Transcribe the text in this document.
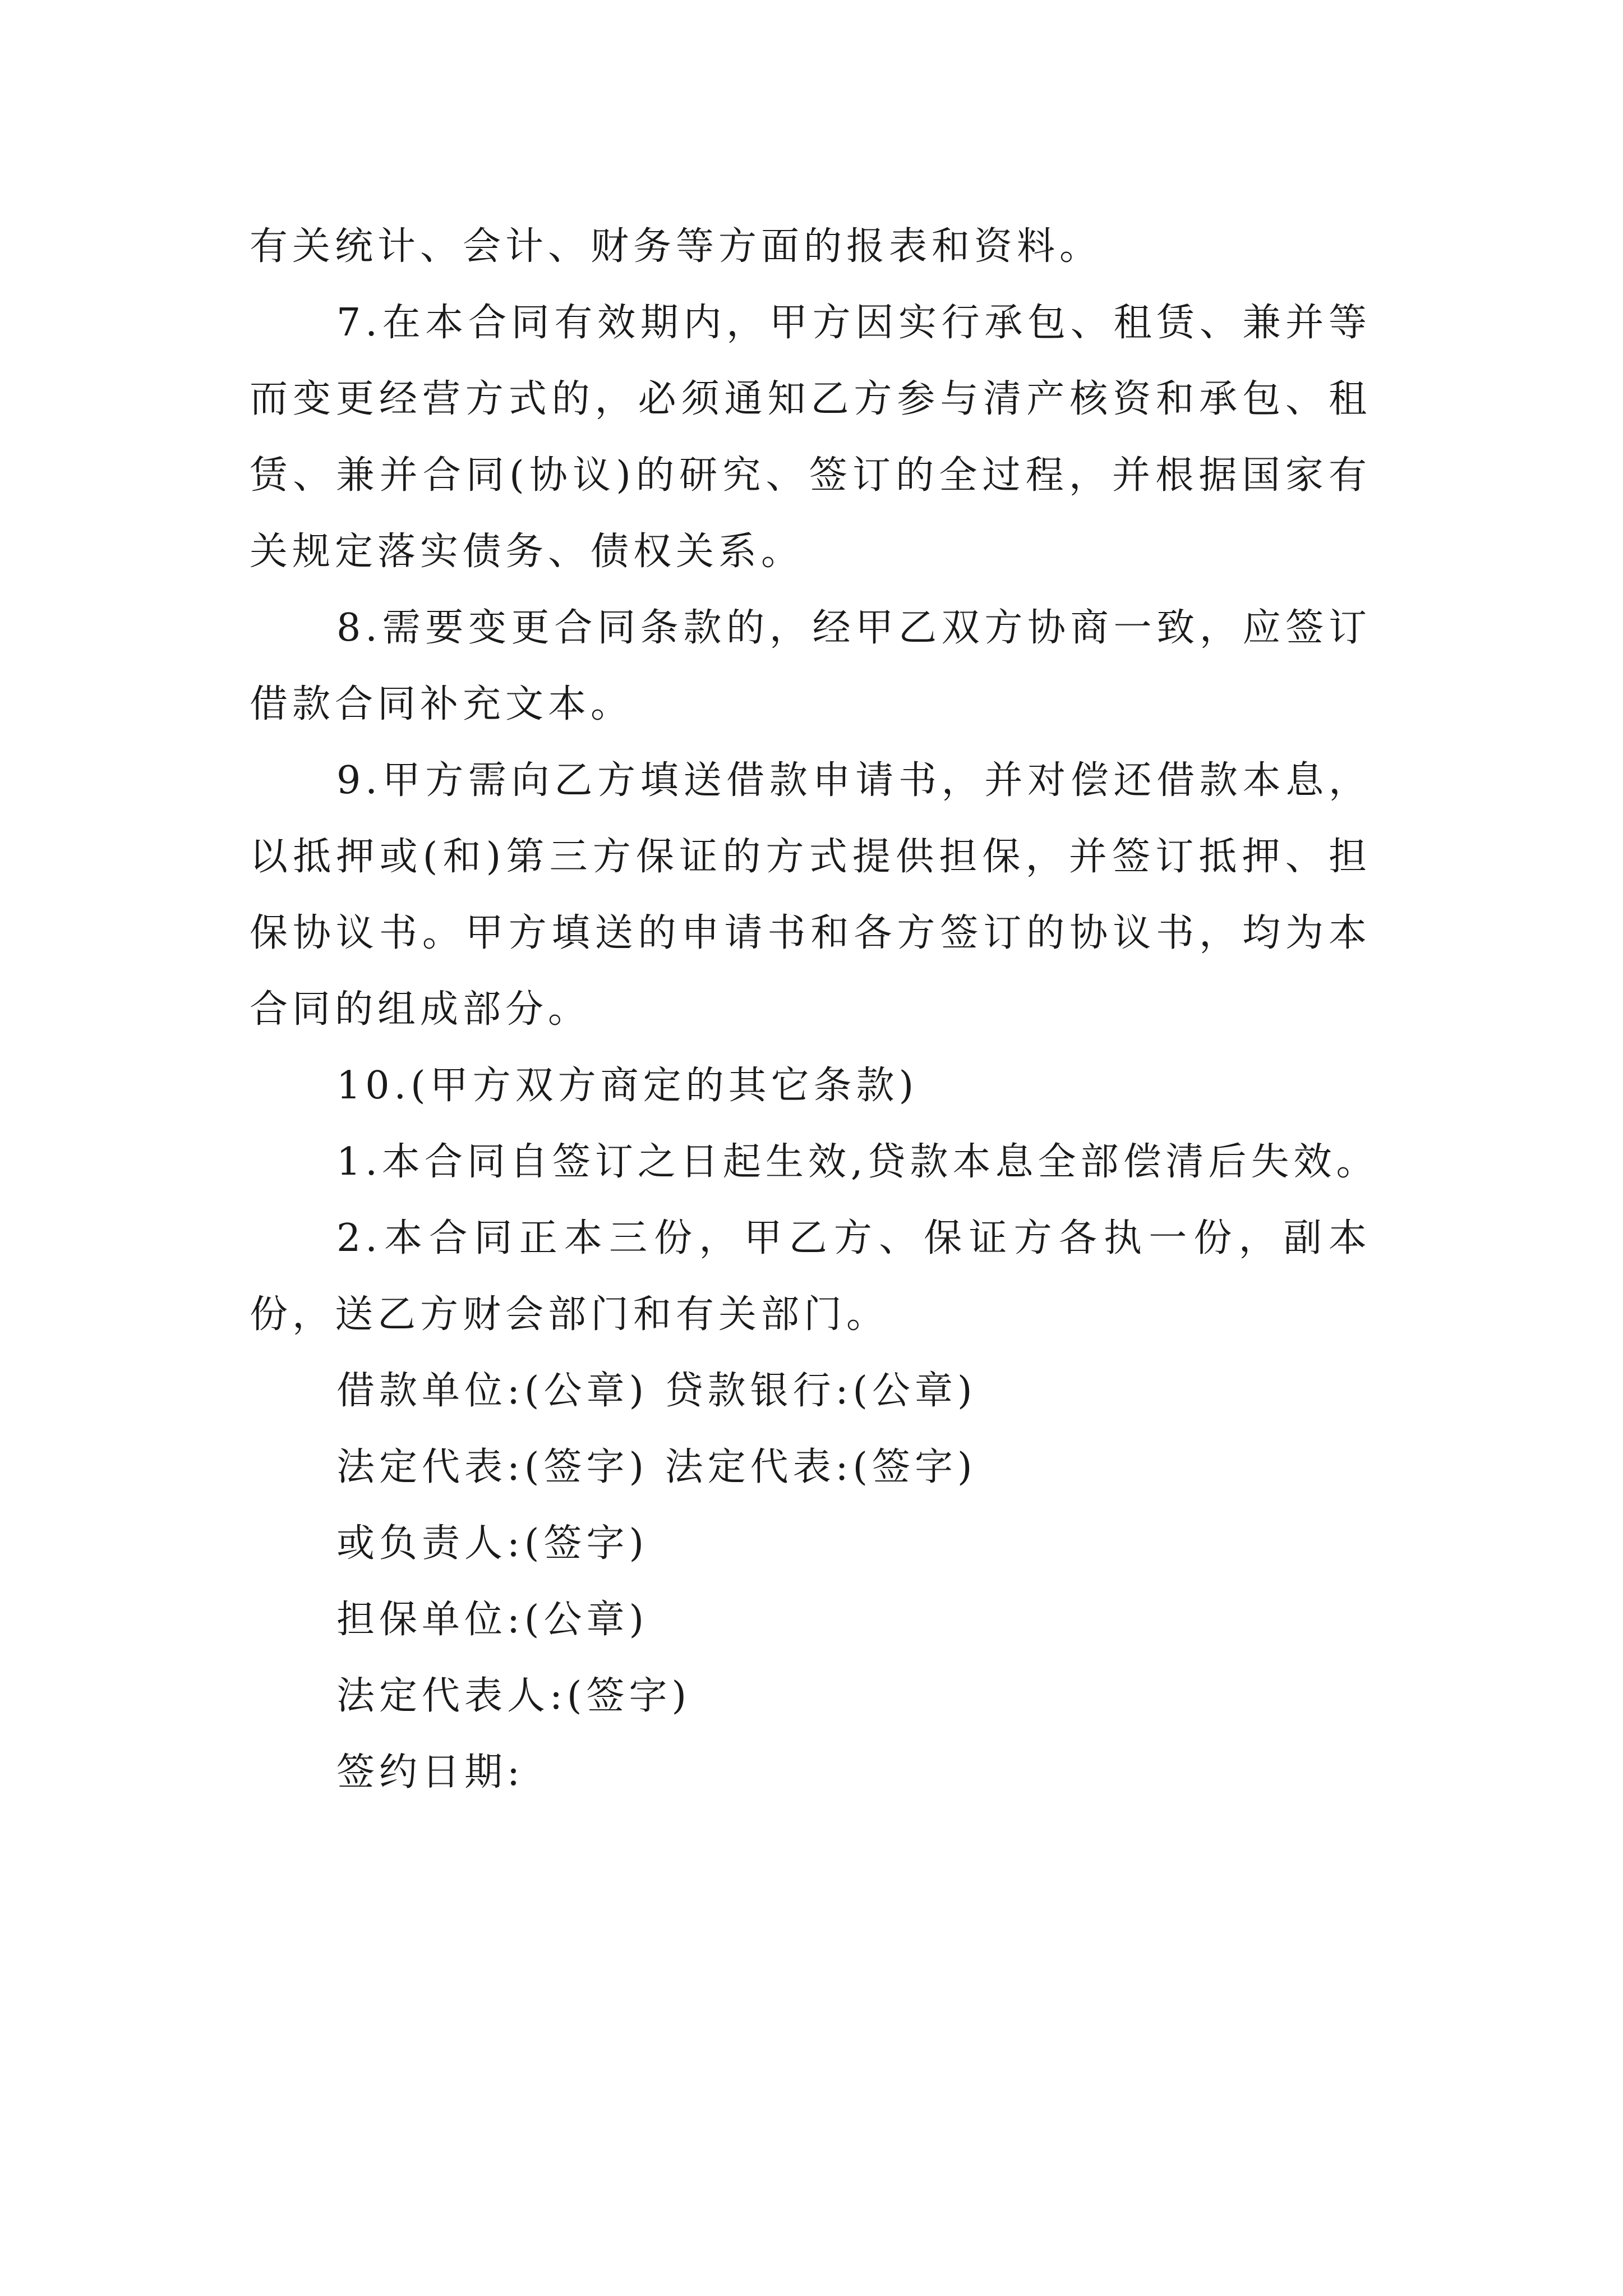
有关统计、会计、财务等方面的报表和资料。
7.在本合同有效期内，甲方因实行承包、租赁、兼并等
而变更经营方式的，必须通知乙方参与清产核资和承包、租
赁、兼并合同(协议)的研究、签订的全过程，并根据国家有
关规定落实债务、债权关系。
8.需要变更合同条款的，经甲乙双方协商一致，应签订
借款合同补充文本。
9.甲方需向乙方填送借款申请书，并对偿还借款本息，
以抵押或(和)第三方保证的方式提供担保，并签订抵押、担
保协议书。甲方填送的申请书和各方签订的协议书，均为本
合同的组成部分。
10.(甲方双方商定的其它条款)
1.本合同自签订之日起生效,贷款本息全部偿清后失效。
2.本合同正本三份，甲乙方、保证方各执一份，副本
份，送乙方财会部门和有关部门。
借款单位:(公章) 贷款银行:(公章)
法定代表:(签字) 法定代表:(签字)
或负责人:(签字)
担保单位:(公章)
法定代表人:(签字)
签约日期:
